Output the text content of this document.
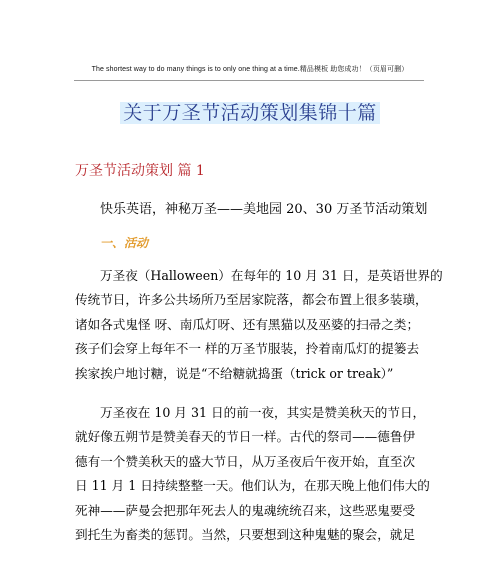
The shortest way to do many things is to only one thing at a time.精品模板 助您成功！（页眉可删）
关于万圣节活动策划集锦十篇
万圣节活动策划 篇 1
快乐英语，神秘万圣——美地园 20、30 万圣节活动策划
一、活动
万圣夜（Halloween）在每年的 10 月 31 日，是英语世界的
传统节日，许多公共场所乃至居家院落，都会布置上很多装璜，
诸如各式鬼怪 呀、南瓜灯呀、还有黑猫以及巫婆的扫帚之类；
孩子们会穿上每年不一 样的万圣节服装，拎着南瓜灯的提篓去
挨家挨户地讨糖，说是“不给糖就捣蛋（trick or treak）”
万圣夜在 10 月 31 日的前一夜，其实是赞美秋天的节日，
就好像五朔节是赞美春天的节日一样。古代的祭司——德鲁伊
德有一个赞美秋天的盛大节日，从万圣夜后午夜开始，直至次
日 11 月 1 日持续整整一天。他们认为，在那天晚上他们伟大的
死神——萨曼会把那年死去人的鬼魂统统召来，这些恶鬼要受
到托生为畜类的惩罚。当然，只要想到这种鬼魅的聚会，就足
